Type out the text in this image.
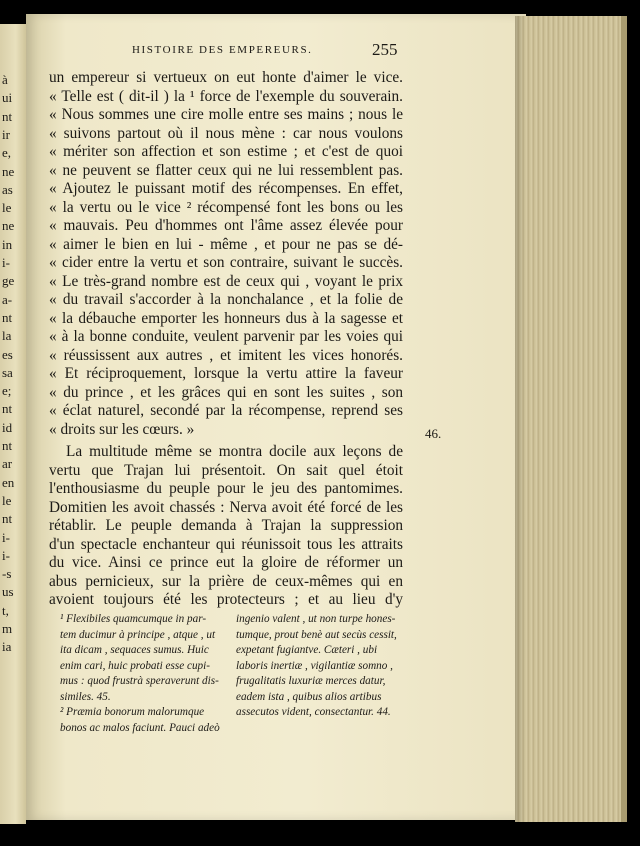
à
ui
nt
ir
e,
ne
as
le
ne
in
i-
ge
a-
nt
la
es
sa
e;
nt
id
nt
ar
en
le
nt
i-
i-
-s
us
t,
m
ia
HISTOIRE DES EMPEREURS.	255
un empereur si vertueux on eut honte d'aimer le vice.
« Telle est ( dit-il ) la ¹ force de l'exemple du souverain.
« Nous sommes une cire molle entre ses mains ; nous le
« suivons partout où il nous mène : car nous voulons
« mériter son affection et son estime ; et c'est de quoi
« ne peuvent se flatter ceux qui ne lui ressemblent pas.
« Ajoutez le puissant motif des récompenses. En effet,
« la vertu ou le vice ² récompensé font les bons ou les
« mauvais. Peu d'hommes ont l'âme assez élevée pour
« aimer le bien en lui - même , et pour ne pas se dé-
« cider entre la vertu et son contraire, suivant le succès.
« Le très-grand nombre est de ceux qui , voyant le prix
« du travail s'accorder à la nonchalance , et la folie de
« la débauche emporter les honneurs dus à la sagesse et
« à la bonne conduite, veulent parvenir par les voies qui
« réussissent aux autres , et imitent les vices honorés.
« Et réciproquement, lorsque la vertu attire la faveur
« du prince , et les grâces qui en sont les suites , son
« éclat naturel, secondé par la récompense, reprend ses
« droits sur les cœurs. »
La multitude même se montra docile aux leçons de
vertu que Trajan lui présentoit. On sait quel étoit
l'enthousiasme du peuple pour le jeu des pantomimes.
Domitien les avoit chassés : Nerva avoit été forcé de les
rétablir. Le peuple demanda à Trajan la suppression
d'un spectacle enchanteur qui réunissoit tous les attraits
du vice. Ainsi ce prince eut la gloire de réformer un
abus pernicieux, sur la prière de ceux-mêmes qui en
avoient toujours été les protecteurs ; et au lieu d'y
46.
¹ Flexibiles quamcumque in par-
tem ducimur à principe , atque , ut
ita dicam , sequaces sumus. Huic
enim cari, huic probati esse cupi-
mus : quod frustrà speraverunt dis-
similes. 45.
² Præmia bonorum malorumque
bonos ac malos faciunt. Pauci adeò
ingenio valent , ut non turpe hones-
tumque, prout benè aut secùs cessit,
expetant fugiantve. Cæteri , ubi
laboris inertiæ , vigilantiæ somno ,
frugalitatis luxuriæ merces datur,
eadem ista , quibus alios artibus
assecutos vident, consectantur. 44.
